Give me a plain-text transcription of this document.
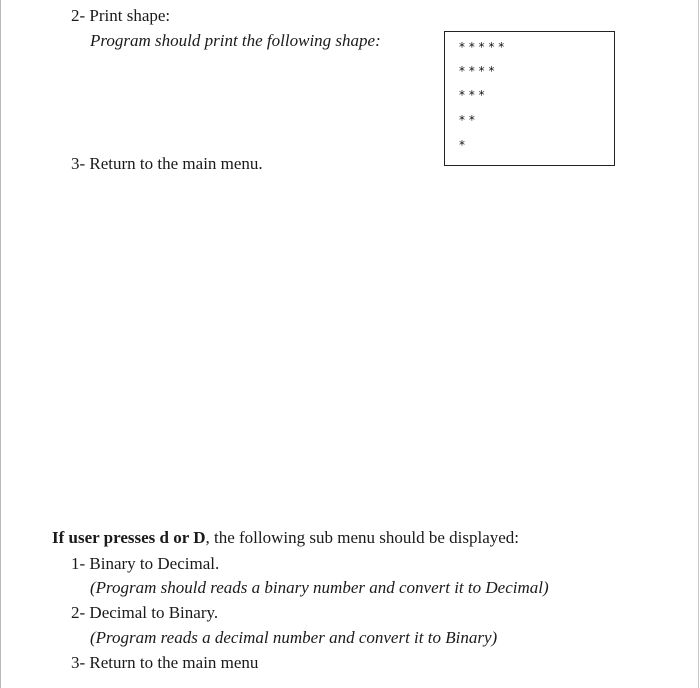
2- Print shape:
Program should print the following shape:	* * * * *
* * * *
* * *
* *
*
3- Return to the main menu.
If user presses d or D, the following sub menu should be displayed:
1- Binary to Decimal.
(Program should reads a binary number and convert it to Decimal)
2- Decimal to Binary.
(Program reads a decimal number and convert it to Binary)
3- Return to the main menu
